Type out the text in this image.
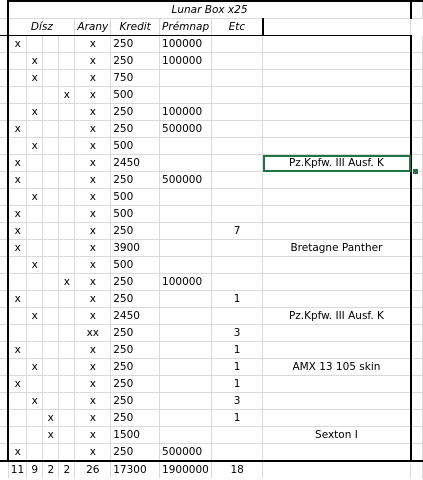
	Lunar Box x25									
	Dísz				Arany	Kredit	Prémnap	Etc		
	x				x	250	100000			
		x			x	250	100000			
		x			x	750				
				x	x	500				
		x			x	250	100000			
	x				x	250	500000			
		x			x	500				
	x				x	2450			Pz.Kpfw. III Ausf. K	
	x				x	250	500000			
		x			x	500				
	x				x	500				
	x				x	250		7		
	x				x	3900			Bretagne Panther	
		x			x	500				
				x	x	250	100000			
	x				x	250		1		
		x			x	2450			Pz.Kpfw. III Ausf. K	
					xx	250		3		
	x				x	250		1		
		x			x	250		1	AMX 13 105 skin	
	x				x	250		1		
		x			x	250		3		
			x		x	250		1		
			x		x	1500			Sexton I	
	x				x	250	500000			
	11	9	2	2	26	17300	1900000	18		
